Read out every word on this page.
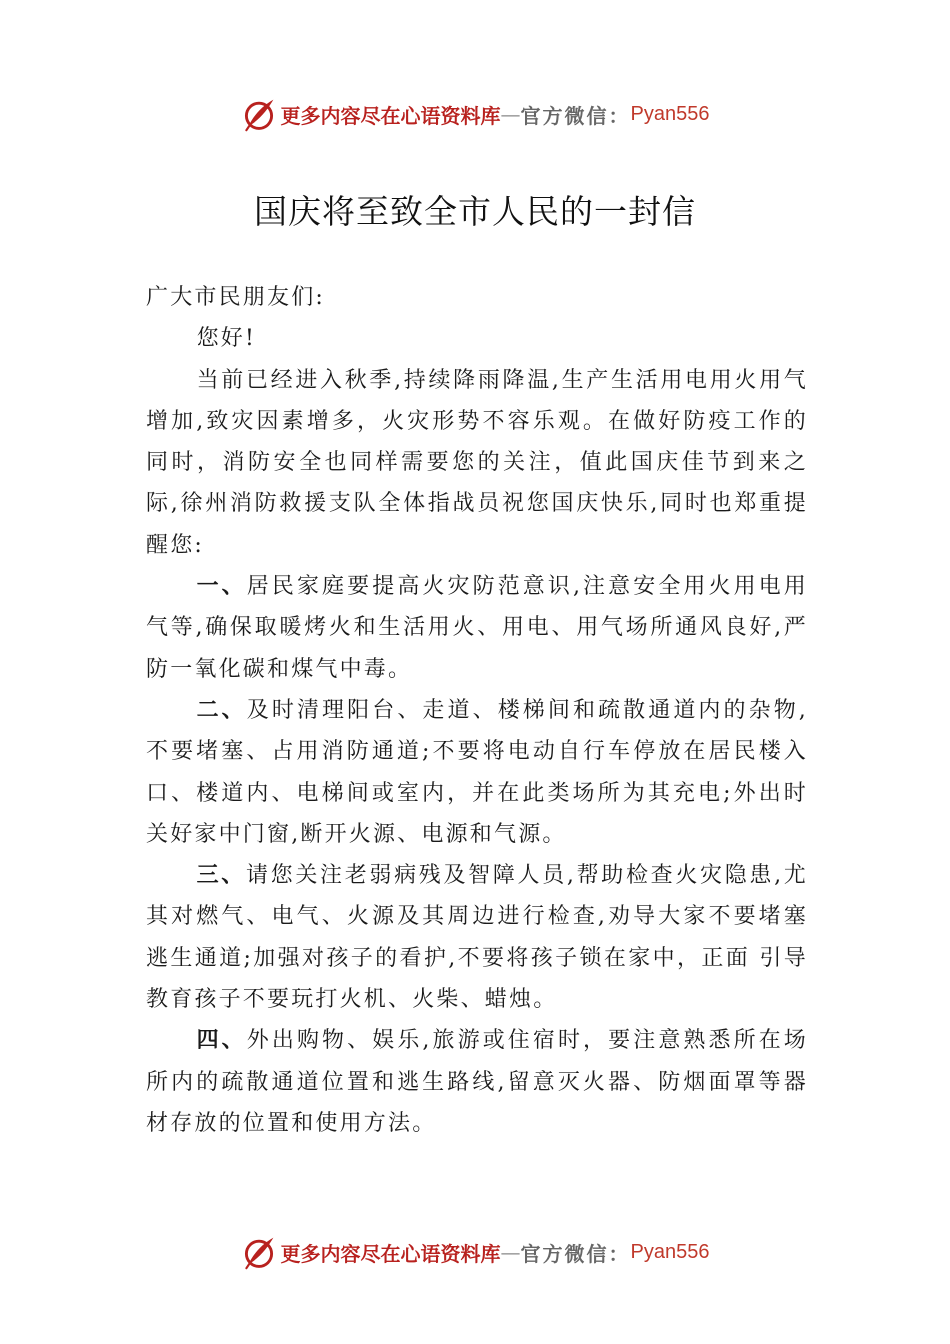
更多内容尽在心语资料库 — 官方微信： Pyan556
国庆将至致全市人民的一封信

广大市民朋友们:

您好!

当前已经进入秋季,持续降雨降温,生产生活用电用火用气增加,致灾因素增多，火灾形势不容乐观。在做好防疫工作的同时，消防安全也同样需要您的关注，值此国庆佳节到来之际,徐州消防救援支队全体指战员祝您国庆快乐,同时也郑重提醒您:

一、居民家庭要提高火灾防范意识,注意安全用火用电用气等,确保取暖烤火和生活用火、用电、用气场所通风良好,严防一氧化碳和煤气中毒。

二、及时清理阳台、走道、楼梯间和疏散通道内的杂物,不要堵塞、占用消防通道;不要将电动自行车停放在居民楼入口、楼道内、电梯间或室内，并在此类场所为其充电;外出时关好家中门窗,断开火源、电源和气源。

三、请您关注老弱病残及智障人员,帮助检查火灾隐患,尤其对燃气、电气、火源及其周边进行检查,劝导大家不要堵塞逃生通道;加强对孩子的看护,不要将孩子锁在家中，正面 引导教育孩子不要玩打火机、火柴、蜡烛。

四、外出购物、娱乐,旅游或住宿时，要注意熟悉所在场所内的疏散通道位置和逃生路线,留意灭火器、防烟面罩等器材存放的位置和使用方法。

更多内容尽在心语资料库 — 官方微信： Pyan556
